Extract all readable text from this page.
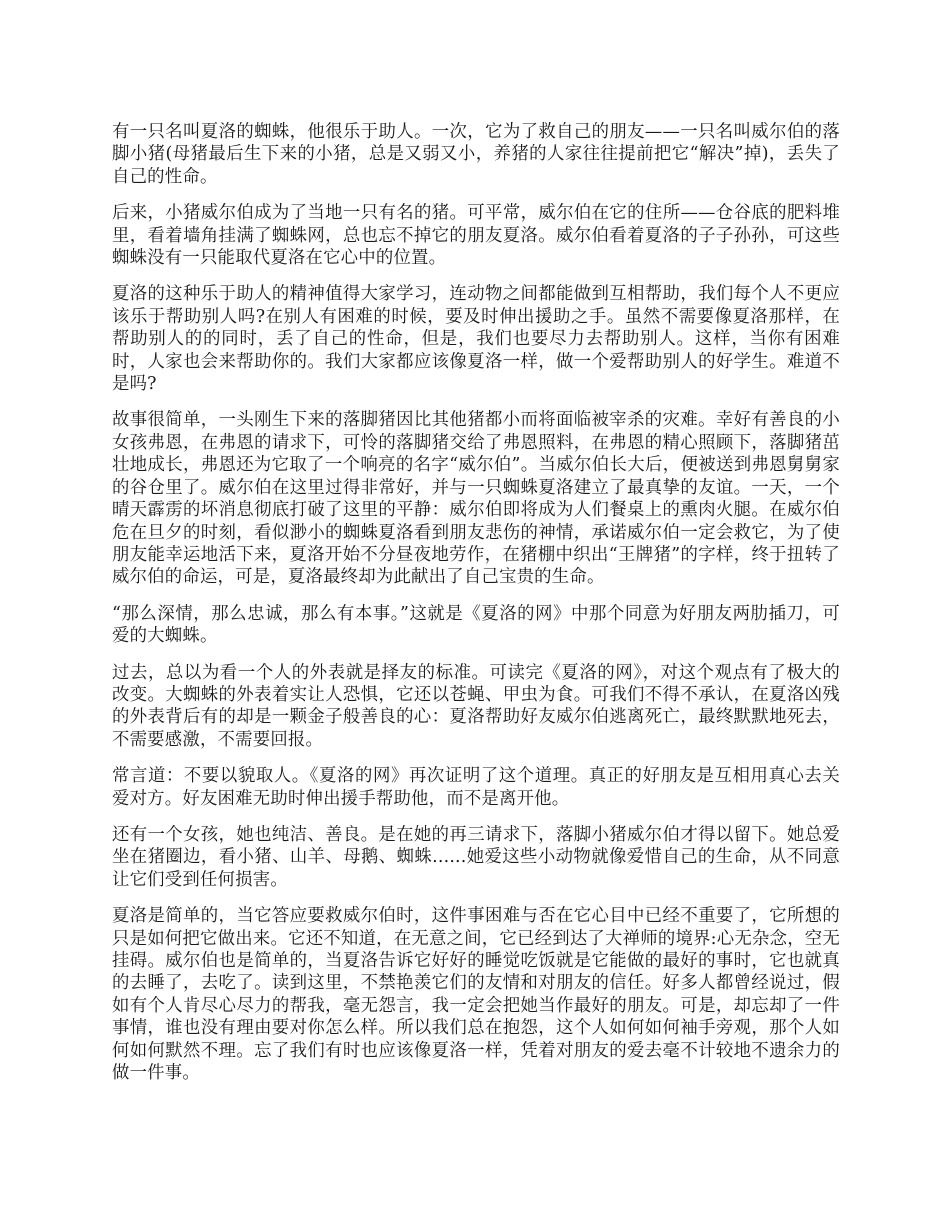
有一只名叫夏洛的蜘蛛，他很乐于助人。一次，它为了救自己的朋友——一只名叫威尔伯的落脚小猪(母猪最后生下来的小猪，总是又弱又小，养猪的人家往往提前把它“解决”掉)，丢失了自己的性命。

后来，小猪威尔伯成为了当地一只有名的猪。可平常，威尔伯在它的住所——仓谷底的肥料堆里，看着墙角挂满了蜘蛛网，总也忘不掉它的朋友夏洛。威尔伯看着夏洛的子子孙孙，可这些蜘蛛没有一只能取代夏洛在它心中的位置。

夏洛的这种乐于助人的精神值得大家学习，连动物之间都能做到互相帮助，我们每个人不更应该乐于帮助别人吗?在别人有困难的时候，要及时伸出援助之手。虽然不需要像夏洛那样，在帮助别人的的同时，丢了自己的性命，但是，我们也要尽力去帮助别人。这样，当你有困难时，人家也会来帮助你的。我们大家都应该像夏洛一样，做一个爱帮助别人的好学生。难道不是吗?

故事很简单，一头刚生下来的落脚猪因比其他猪都小而将面临被宰杀的灾难。幸好有善良的小女孩弗恩，在弗恩的请求下，可怜的落脚猪交给了弗恩照料，在弗恩的精心照顾下，落脚猪茁壮地成长，弗恩还为它取了一个响亮的名字“威尔伯”。当威尔伯长大后，便被送到弗恩舅舅家的谷仓里了。威尔伯在这里过得非常好，并与一只蜘蛛夏洛建立了最真挚的友谊。一天，一个晴天霹雳的坏消息彻底打破了这里的平静：威尔伯即将成为人们餐桌上的熏肉火腿。在威尔伯危在旦夕的时刻，看似渺小的蜘蛛夏洛看到朋友悲伤的神情，承诺威尔伯一定会救它，为了使朋友能幸运地活下来，夏洛开始不分昼夜地劳作，在猪棚中织出“王牌猪”的字样，终于扭转了威尔伯的命运，可是，夏洛最终却为此献出了自己宝贵的生命。

“那么深情，那么忠诚，那么有本事。”这就是《夏洛的网》中那个同意为好朋友两肋插刀，可爱的大蜘蛛。

过去，总以为看一个人的外表就是择友的标准。可读完《夏洛的网》，对这个观点有了极大的改变。大蜘蛛的外表着实让人恐惧，它还以苍蝇、甲虫为食。可我们不得不承认，在夏洛凶残的外表背后有的却是一颗金子般善良的心：夏洛帮助好友威尔伯逃离死亡，最终默默地死去，不需要感激，不需要回报。

常言道：不要以貌取人。《夏洛的网》再次证明了这个道理。真正的好朋友是互相用真心去关爱对方。好友困难无助时伸出援手帮助他，而不是离开他。

还有一个女孩，她也纯洁、善良。是在她的再三请求下，落脚小猪威尔伯才得以留下。她总爱坐在猪圈边，看小猪、山羊、母鹅、蜘蛛......她爱这些小动物就像爱惜自己的生命，从不同意让它们受到任何损害。

夏洛是简单的，当它答应要救威尔伯时，这件事困难与否在它心目中已经不重要了，它所想的只是如何把它做出来。它还不知道，在无意之间，它已经到达了大禅师的境界:心无杂念，空无挂碍。威尔伯也是简单的，当夏洛告诉它好好的睡觉吃饭就是它能做的最好的事时，它也就真的去睡了，去吃了。读到这里，不禁艳羡它们的友情和对朋友的信任。好多人都曾经说过，假如有个人肯尽心尽力的帮我，毫无怨言，我一定会把她当作最好的朋友。可是，却忘却了一件事情，谁也没有理由要对你怎么样。所以我们总在抱怨，这个人如何如何袖手旁观，那个人如何如何默然不理。忘了我们有时也应该像夏洛一样，凭着对朋友的爱去毫不计较地不遗余力的做一件事。
